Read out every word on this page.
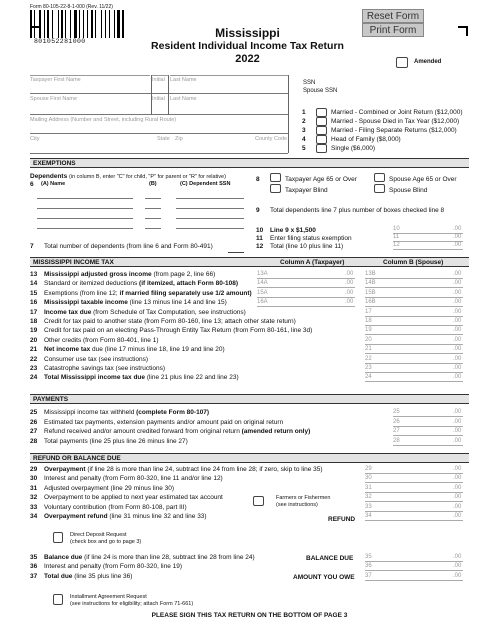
Form 80-105-22-8-1-000 (Rev. 11/22)
801052281000
Mississippi
Resident Individual Income Tax Return
2022
Reset Form
Print Form
Amended
Taxpayer First Name	Initial Last Name
Spouse First Name	Initial Last Name
Mailing Address (Number and Street, including Rural Route)
City	State Zip	County Code
SSN
Spouse SSN
1	Married - Combined or Joint Return ($12,000)
2	Married - Spouse Died in Tax Year ($12,000)
3	Married - Filing Separate Returns ($12,000)
4	Head of Family ($8,000)
5	Single ($6,000)
EXEMPTIONS
Dependents (in column B, enter "C" for child, "P" for parent or "R" for relative)
6 (A) Name	(B)	(C) Dependent SSN
7 Total number of dependents (from line 6 and Form 80-491)
8	Taxpayer Age 65 or Over	Spouse Age 65 or Over
Taxpayer Blind	Spouse Blind
9 Total dependents line 7 plus number of boxes checked line 8
10 Line 9 x $1,500
11 Enter filing status exemption
12 Total (line 10 plus line 11)
10	.00
11	.00
12	.00
MISSISSIPPI INCOME TAX	Column A (Taxpayer)	Column B (Spouse)
13 Mississippi adjusted gross income (from page 2, line 66)	13A	.00 13B	.00
14 Standard or itemized deductions (if itemized, attach Form 80-108)	14A	.00 14B	.00
15 Exemptions (from line 12; if married filing separately use 1/2 amount) 15A	.00 15B	.00
16 Mississippi taxable income (line 13 minus line 14 and line 15)	16A	.00 16B	.00
17 Income tax due (from Schedule of Tax Computation, see instructions)	17	.00
18 Credit for tax paid to another state (from Form 80-160, line 13; attach other state return)	18	.00
19 Credit for tax paid on an electing Pass-Through Entity Tax Return (from Form 80-161, line 3d)	19	.00
20 Other credits (from Form 80-401, line 1)	20	.00
21 Net income tax due (line 17 minus line 18, line 19 and line 20)	21	.00
22 Consumer use tax (see instructions)	22	.00
23 Catastrophe savings tax (see instructions)	23	.00
24 Total Mississippi income tax due (line 21 plus line 22 and line 23)	24	.00
PAYMENTS
25 Mississippi income tax withheld (complete Form 80-107)	25	.00
26 Estimated tax payments, extension payments and/or amount paid on original return	26	.00
27 Refund received and/or amount credited forward from original return (amended return only)	27	.00
28 Total payments (line 25 plus line 26 minus line 27)	28	.00
REFUND OR BALANCE DUE
29 Overpayment (if line 28 is more than line 24, subtract line 24 from line 28; if zero, skip to line 35)	29	.00
30 Interest and penalty (from Form 80-320, line 11 and/or line 12)	30	.00
31 Adjusted overpayment (line 29 minus line 30)	31	.00
32 Overpayment to be applied to next year estimated tax account	32	.00
33 Voluntary contribution (from Form 80-108, part III)	33	.00
34 Overpayment refund (line 31 minus line 32 and line 33)	34	.00
35 Balance due (if line 24 is more than line 28, subtract line 28 from line 24)	35	.00
36 Interest and penalty (from Form 80-320, line 19)	36	.00
37 Total due (line 35 plus line 36)	37	.00
Farmers or Fishermen
(see instructions)
REFUND
Direct Deposit Request
(check box and go to page 3)
BALANCE DUE
AMOUNT YOU OWE
Installment Agreement Request
(see instructions for eligibility; attach Form 71-661)
PLEASE SIGN THIS TAX RETURN ON THE BOTTOM OF PAGE 3
